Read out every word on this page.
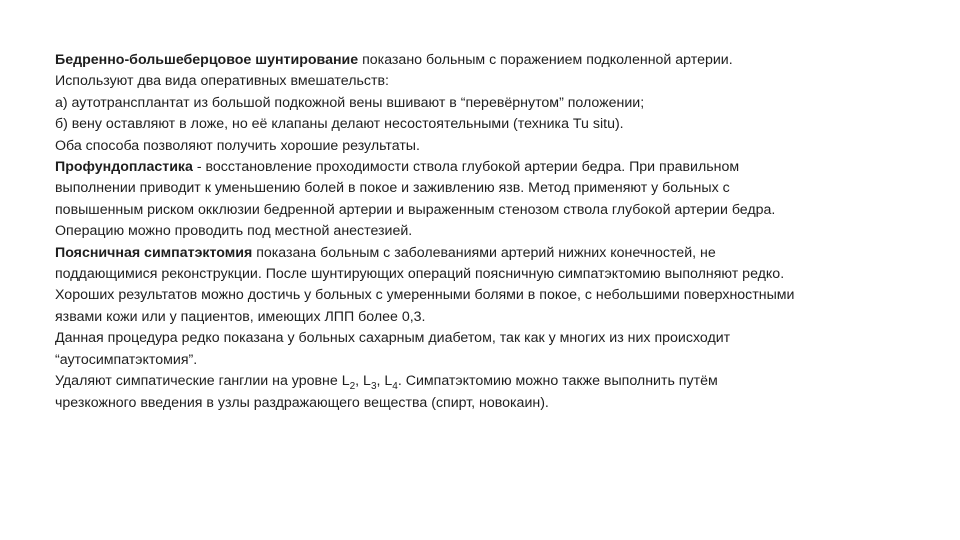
Бедренно-большеберцовое шунтирование показано больным с поражением подколенной артерии.
Используют два вида оперативных вмешательств:
а) аутотрансплантат из большой подкожной вены вшивают в “перевёрнутом” положении;
б) вену оставляют в ложе, но её клапаны делают несостоятельными (техника Tu situ).
Оба способа позволяют получить хорошие результаты.
Профундопластика - восстановление проходимости ствола глубокой артерии бедра. При правильном
выполнении приводит к уменьшению болей в покое и заживлению язв. Метод применяют у больных с
повышенным риском окклюзии бедренной артерии и выраженным стенозом ствола глубокой артерии бедра.
Операцию можно проводить под местной анестезией.
Поясничная симпатэктомия показана больным с заболеваниями артерий нижних конечностей, не
поддающимися реконструкции. После шунтирующих операций поясничную симпатэктомию выполняют редко.
Хороших результатов можно достичь у больных с умеренными болями в покое, с небольшими поверхностными
язвами кожи или у пациентов, имеющих ЛПП более 0,3.
Данная процедура редко показана у больных сахарным диабетом, так как у многих из них происходит
“аутосимпатэктомия”.
Удаляют симпатические ганглии на уровне $L_2$, $L_3$, $L_4$. Симпатэктомию можно также выполнить путём
чрезкожного введения в узлы раздражающего вещества (спирт, новокаин).
